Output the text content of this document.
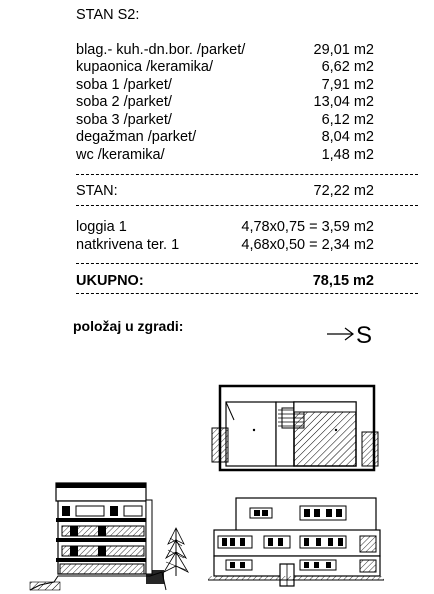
STAN S2:
blag.- kuh.-dn.bor. /parket/	29,01 m2
kupaonica /keramika/	6,62 m2
soba 1 /parket/	7,91 m2
soba 2 /parket/	13,04 m2
soba 3 /parket/	6,12 m2
degažman /parket/	8,04 m2
wc /keramika/	1,48 m2
STAN:	72,22 m2
loggia 1	4,78x0,75 = 3,59 m2
natkrivena ter. 1	4,68x0,50 = 2,34 m2
UKUPNO:	78,15 m2
položaj u zgradi:	S
